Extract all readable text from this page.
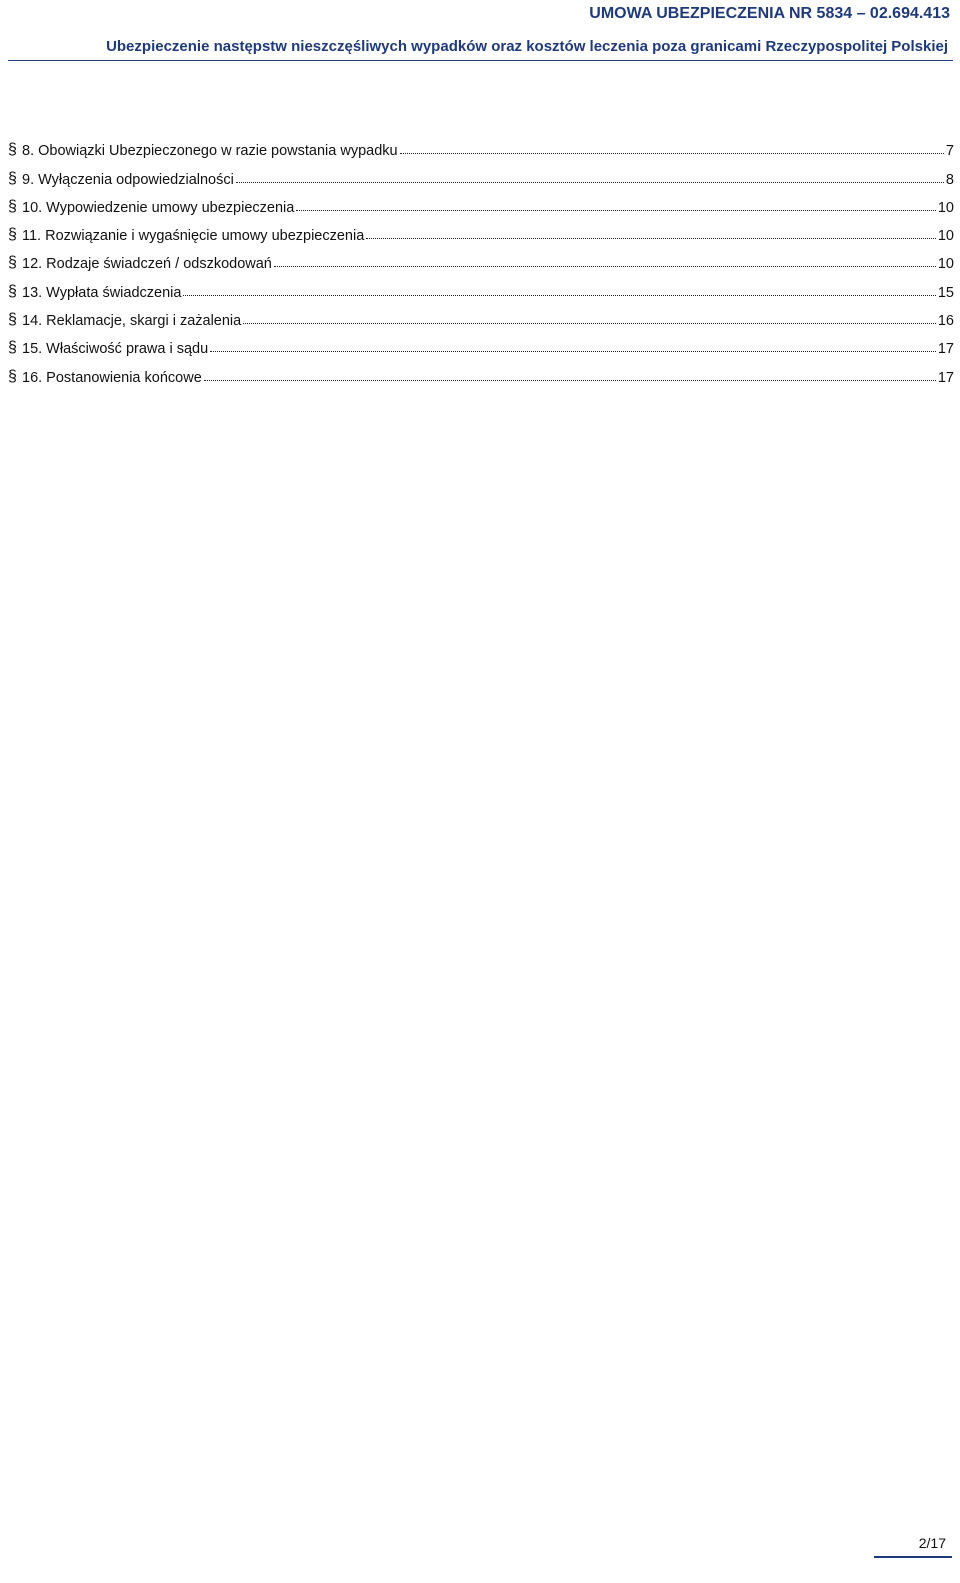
UMOWA UBEZPIECZENIA NR 5834 – 02.694.413
Ubezpieczenie następstw nieszczęśliwych wypadków oraz kosztów leczenia poza granicami Rzeczypospolitej Polskiej
§ 8. Obowiązki Ubezpieczonego w razie powstania wypadku	7
§ 9. Wyłączenia odpowiedzialności	8
§ 10. Wypowiedzenie umowy ubezpieczenia	10
§ 11. Rozwiązanie i wygaśnięcie umowy ubezpieczenia	10
§ 12. Rodzaje świadczeń / odszkodowań	10
§ 13. Wypłata świadczenia	15
§ 14. Reklamacje, skargi i zażalenia	16
§ 15. Właściwość prawa i sądu	17
§ 16. Postanowienia końcowe	17
2/17
